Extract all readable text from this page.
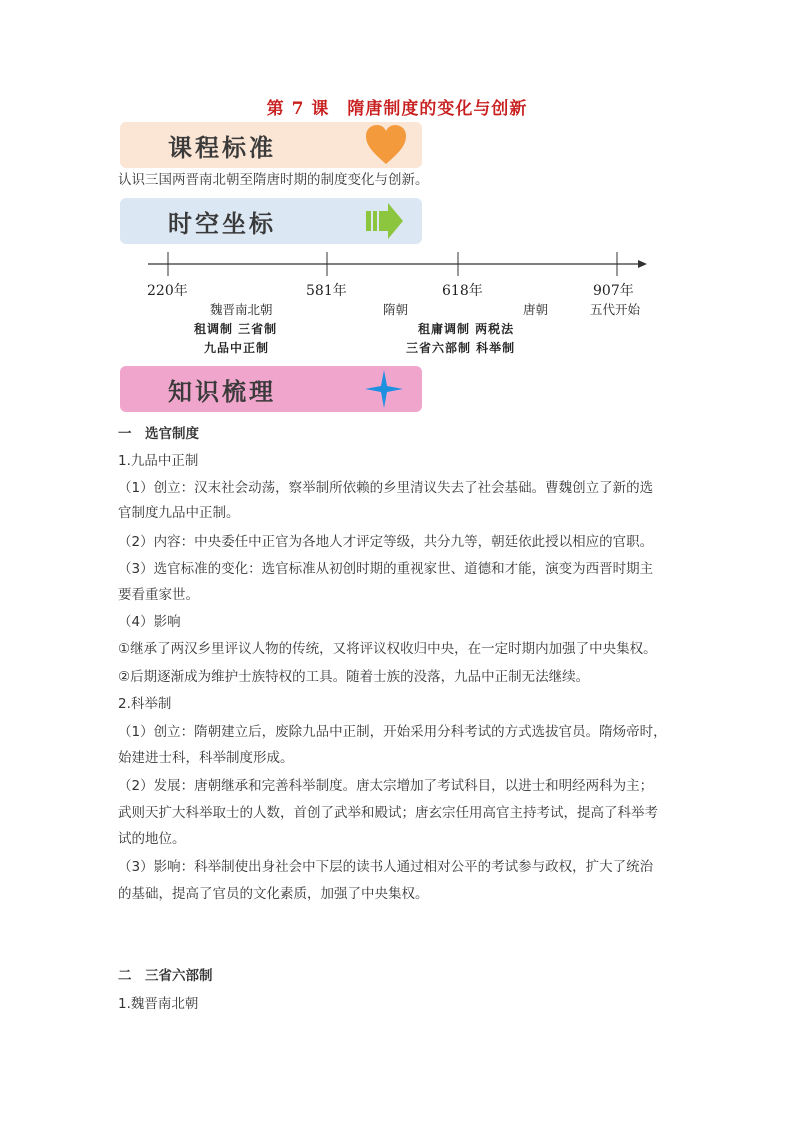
第 7 课　隋唐制度的变化与创新
课程标准
认识三国两晋南北朝至隋唐时期的制度变化与创新。
时空坐标
220年	581年	618年	907年
魏晋南北朝
租调制 三省制
九品中正制
隋朝	唐朝	五代开始
租庸调制 两税法
三省六部制 科举制
知识梳理
一　选官制度
1.九品中正制
（1）创立：汉末社会动荡，察举制所依赖的乡里清议失去了社会基础。曹魏创立了新的选
官制度九品中正制。
（2）内容：中央委任中正官为各地人才评定等级，共分九等，朝廷依此授以相应的官职。
（3）选官标准的变化：选官标准从初创时期的重视家世、道德和才能，演变为西晋时期主
要看重家世。
（4）影响
①继承了两汉乡里评议人物的传统，又将评议权收归中央，在一定时期内加强了中央集权。
②后期逐渐成为维护士族特权的工具。随着士族的没落，九品中正制无法继续。
2.科举制
（1）创立：隋朝建立后，废除九品中正制，开始采用分科考试的方式选拔官员。隋炀帝时，
始建进士科，科举制度形成。
（2）发展：唐朝继承和完善科举制度。唐太宗增加了考试科目，以进士和明经两科为主；
武则天扩大科举取士的人数，首创了武举和殿试；唐玄宗任用高官主持考试，提高了科举考
试的地位。
（3）影响：科举制使出身社会中下层的读书人通过相对公平的考试参与政权，扩大了统治
的基础，提高了官员的文化素质，加强了中央集权。
二　三省六部制
1.魏晋南北朝
